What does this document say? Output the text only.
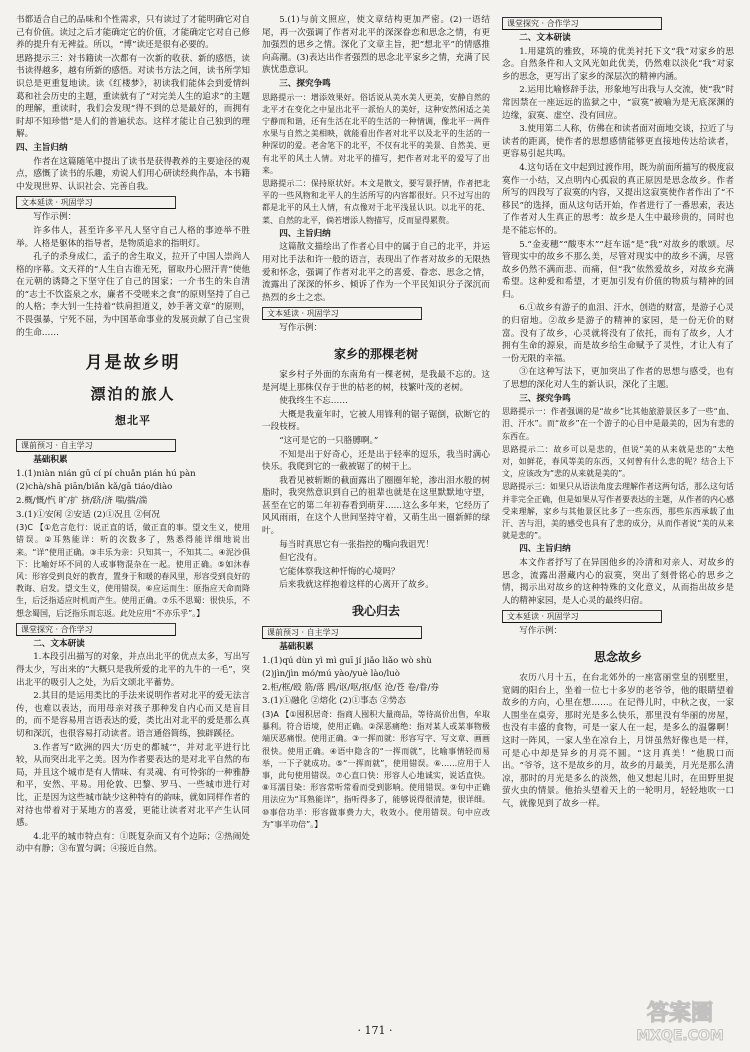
书都适合自己的品味和个性需求，只有读过了才能明确它对自己有价值。读过之后才能确定它的价值，才能确定它对自己修养的提升有无裨益。所以，“博”读还是很有必要的。

思路提示三：対书籍读一次都有一次新的收获、新的感悟，读书读得越多，越有所新的感悟。对读书方法之间，读书所学知识总是更重复地读。读《红楼梦》，初读我们能体会到爱情纠葛和社会历史的主题，重读就有了“对完美人生的追求”的主题的理解，重读时，我们会发现“得不到的总是最好的，而拥有时却不知珍惜”是人们的普遍状态。这样才能让自己独到的理解。

四、主旨归纳

作者在这篇随笔中提出了读书是获得教养的主要途径的观点，感慨了读书的乐趣，劝说人们用心研读经典作品，本书籍中发现世界、认识社会、完善自我。

文本延读 · 巩固学习

写作示例：

许多伟人，甚至许多平凡人坚守自己人格的事迹举不胜举。人格是躯体的指导者，是物质追求的指明灯。

孔子的杀身成仁，孟子的舍生取义，拉开了中国人崇尚人格的序幕。文天祥的“人生自古谁无死，留取丹心照汗青”使他在元朝的诱降之下坚守住了自己的国家；一介书生的朱自清的“志士不饮盗泉之水，廉者不受嗟来之食”的原则坚持了自己的人格；李大钊一生持着“铁肩担道义，妙手著文章”的原则，不畏强暴，宁死不屈，为中国革命事业的发展贡献了自己宝贵的生命……

月是故乡明
漂泊的旅人
想北平
课前预习 · 自主学习

基础积累

1.(1)niàn nián gū cí pí chuǎn pián hú pàn

(2)chà/shā piān/biǎn kǎ/gā tiáo/diào

2.概/慨/忾 旷/扩 挤/跻/济 喘/揣/湍

3.(1)①安闲 ②安适 (2)①况且 ②何况

(3)C 【①危言危行：说正直的话，做正直的事。望文生义，使用错误。②耳熟能详：听的次数多了，熟悉得能详细地说出来。“详”使用正确。③丰乐为亲：只知其一，不知其二。④泥沙俱下：比喻好坏不同的人或事物混杂在一起。使用正确。⑤如沐春风：形容受到良好的教育，置身于和暖的春风里，形容受到良好的教诲、启发。望文生义，使用错误。⑥应运而生：原指应天命而降生，后泛指适应时机而产生。使用正确。⑦乐不思蜀：很快乐，不想念蜀国，后泛指乐而忘返。此处应用“不亦乐乎”。】

课堂探究 · 合作学习

二、文本研读

1.本段引出描写的对象，并点出北平的优点太多，写出写得太少，写出来的“大概只是我所爱的北平的九牛的一毛”，突出北平的吸引人之处，为后文颂北平蓄势。

2.其目的是运用类比的手法来说明作者对北平的爱无法言传，也难以表达，而用母亲对孩子那种发自内心而又是盲目的，而不是容易用言语表达的爱，类比出对北平的爱是那么真切和深沉，也很容易打动读者。语言通俗简练，独辟蹊径。

3.作者写“欧洲的四大‘历史的都城’”，并对北平进行比较，从而突出北平之美。因为作者要表达的是对北平自然的布局，并且这个城市是有人情味、有灵魂、有可怜弥的一种雅静和平，安然、平易。用伦敦、巴黎、罗马、一些城市进行对比，正是因为这些城市缺少这种特有的韵味，就如同样作者的对待也带着对于某地方的喜爱，更能让读者对北平产生认同感。

4.北平的城市特点有：①既复杂而又有个边际；②热闹处动中有静；③布置匀调；④接近自然。

5.(1)与前文照应，使文章结构更加严密。(2)一语结尾，再一次强调了作者对北平的深深眷恋和思念之情，有更加强烈的思乡之情。深化了文章主旨，把“想北平”的情感推向高潮。(3)表达出作者强烈的思念北平家乡之情，充满了民族忧患意识。

三、探究争鸣

思路提示一：增添效果好。俗话说从美水美人更美，安静自然的北平才在变化之中显出北平一派怡人的美好，这种安然闲适之美宁静而和谐，还有生活在北平的生活的一种情调，像北平一两件水果与自然之美相映，就能看出作者对北平以及北平的生活的一种深切的爱。老舍笔下的北平，不仅有北平的美景、自然美、更有北平的风土人情。对北平的描写，把作者对北平的爱写了出来。

思路提示二：保持原状好。本文是散文，要写景抒情，作者把北平的一些风物和北平人的生活所写的内容都很好。只不过写出的都是北平的风土人情，有点像对于北平浅显认识。以北平的花、菜、自然的北平，倘若增添人物描写，反而显得累赘。

四、主旨归纳

这篇散文描绘出了作者心目中的属于自己的北平，并运用对比手法和许一般的语言，表现出了作者对故乡的无限热爱和怀念，强调了作者对北平之的喜爱、眷恋、思念之情，流露出了深深的怀乡、倾诉了作为一个平民知识分子深沉而热烈的乡土之恋。

文本延读 · 巩固学习

写作示例：

家乡的那棵老树

家乡村子外面的东南角有一棵老树，是我最不忘的。这是河堤上那株仅存于世的枯老的树，枝繁叶茂的老树。

使我终生不忘……

大概是我童年时，它被人用锋利的锯子锯倒，砍断它的一段枝枒。

“这可是它的一只胳膊啊。”

不知是出于好奇心，还是出于轻率的逗乐，我当时满心快乐。我爬到它的一截被锯了的树干上。

我看见被斩断的截面露出了圈圈年轮，渗出泪水般的树脂时，我突然意识到自己的祖辈也就是在这里默默地守望，甚至在它的第二年初春看到萌芽……这么多年来，它经历了风风雨雨，在这个人世间坚持守着，又萌生出一圈新鲜的绿叶。

每当时真思它有一张指控的嘴向我诅咒！

但它没有。

它能体察我这种忏悔的心境吗？

后来我就这样抱着这样的心离开了故乡。

我心归去
课前预习 · 自主学习

基础积累

1.(1)qú dùn yì mì guī jí jiǎo liǎo wò shù

(2)jìn/jìn mó/mú yào/yuè lào/luò

2.柜/框/殴 筋/落 鸥/讴/呕/抠/伛 沧/苍 卷/眷/券

3.(1)①融化 ②熔化 (2)①事态 ②势态

(3)A 【①囤积居奇：指商人囤积大量商品，等待高价出售，牟取暴利。符合语境，使用正确。②深恶痛绝：指对某人或某事物极端厌恶痛恨。使用正确。③一挥而就：形容写字、写文章、画画很快。使用正确。④语中隐含的“一挥而就”，比喻事情轻而易举，一下子就成功。⑤“一挥而就”，使用错误。⑥……应用于人事，此句使用错误。⑦心直口快：形容人心地诚实，说话直快。⑧耳濡目染：形容常听常看而受到影响。使用错误。⑨句中正确用法应为“耳熟能详”，指听得多了，能够说得很清楚，很详细。⑩事倍功半：形容做事费力大，收效小。使用错误。句中应改为“事半功倍”。】

课堂探究 · 合作学习

二、文本研读

1.用建筑的雅致，环境的优美衬托下文“我”对家乡的思念。自然条件和人文风光如此优美，仍然难以淡化“我”对家乡的思念，更写出了家乡的深层次的精神内涵。

2.运用比喻修辞手法，形象地写出我与人交流，使“我”时常因禁在一座远远的监狱之中，“寂寞”被喻为是无底深渊的边缘，寂寞、虚空、没有回应。

3.使用第二人称，仿佛在和读者面对面地交谈，拉近了与读者的距离，使作者的思想感情能够更直接地传达给读者，更容易引起共鸣。

4.这句话在文中起到过渡作用，既为前面所描写的极度寂寞作一小结，又点明内心孤寂的真正原因是思念故乡。作者所写的四段写了寂寞的内容，又提出这寂寞使作者作出了“不移民”的选择，面从这句话开始，作者进行了一番思索，表达了作者对人生真正的思考：故乡是人生中最珍贵的，同时也是不能忘怀的。

5.“金麦穗”“酸枣木”“赶车谣”是“我”对故乡的歌颂。尽管现实中的故乡不那么美，尽管对现实中的故乡不满，尽管故乡仍然不满而悲、而痛，但“我”依然爱故乡，对故乡充满希望。这种爱和希望，才更加引发有价值的物质与精神的回归。

6.①故乡有游子的血泪、汗水，创造的财富，是游子心灵的归宿地。②故乡是游子的精神的家园，是一份无价的财富。没有了故乡，心灵就将没有了依托，而有了故乡，人才拥有生命的源泉，而是故乡给生命赋予了灵性，才让人有了一份无限的幸福。

③在这种写法下，更加突出了作者的思想与感受，也有了思想的深化对人生的新认识，深化了主题。

三、探究争鸣

思路提示一：作者强调的是“故乡”比其他旅游景区多了一些“血、泪、汗水”。而“故乡”在一个游子的心目中是最美的，因为有悲的东西在。

思路提示二：故乡可以是悲的，但说“美的从来就是悲的”太绝对，如鲜花，春风等美的东西，又何曾有什么悲的呢？结合上下文，应该改为“悲的从来就是美的”。

思路提示三：如果只从语法角度去理解作者这两句话，那么这句话并非完全正确，但是如果从写作者要表达的主题，从作者的内心感受来理解，家乡与其他景区比多了一些东西，那些东西承载了血汗、苦与泪，美的感受也具有了悲的成分，从而作者说“美的从来就是悲的”。

四、主旨归纳

本文作者抒写了在异国他乡的冷清和对亲人、对故乡的思念，流露出潜藏内心的寂寞，突出了刻骨铭心的思乡之情，揭示出对故乡的这种特殊的文化意义，从而指出故乡是人的精神家园，是人心灵的最终归宿。

文本延读 · 巩固学习

写作示例：

思念故乡

农历八月十五，在台北郊外的一座富丽堂皇的别墅里，宽阔的阳台上，坐着一位七十多岁的老爷爷，他的眼睛望着故乡的方向，心里在想……。在记得儿时，中秋之夜，一家人围坐在桌旁，那时光是多么快乐，那里没有华丽的房屋，也没有丰盛的食物，可是一家人在一起，是多么的温馨啊！这时一阵风，一家人坐在凉台上，月饼虽然好像也是一样，可是心中却是异乡的月亮不圆。“这月真美！”他脱口而出。“爷爷，这不是故乡的月，故乡的月最美，月光是那么清凉，那时的月光是多么的淡然，他又想起儿时，在田野里捉萤火虫的情景。他抬头望着天上的一轮明月，轻轻地吹一口气，就像见到了故乡一样。

· 171 ·
答案圈
MXQE.COM
